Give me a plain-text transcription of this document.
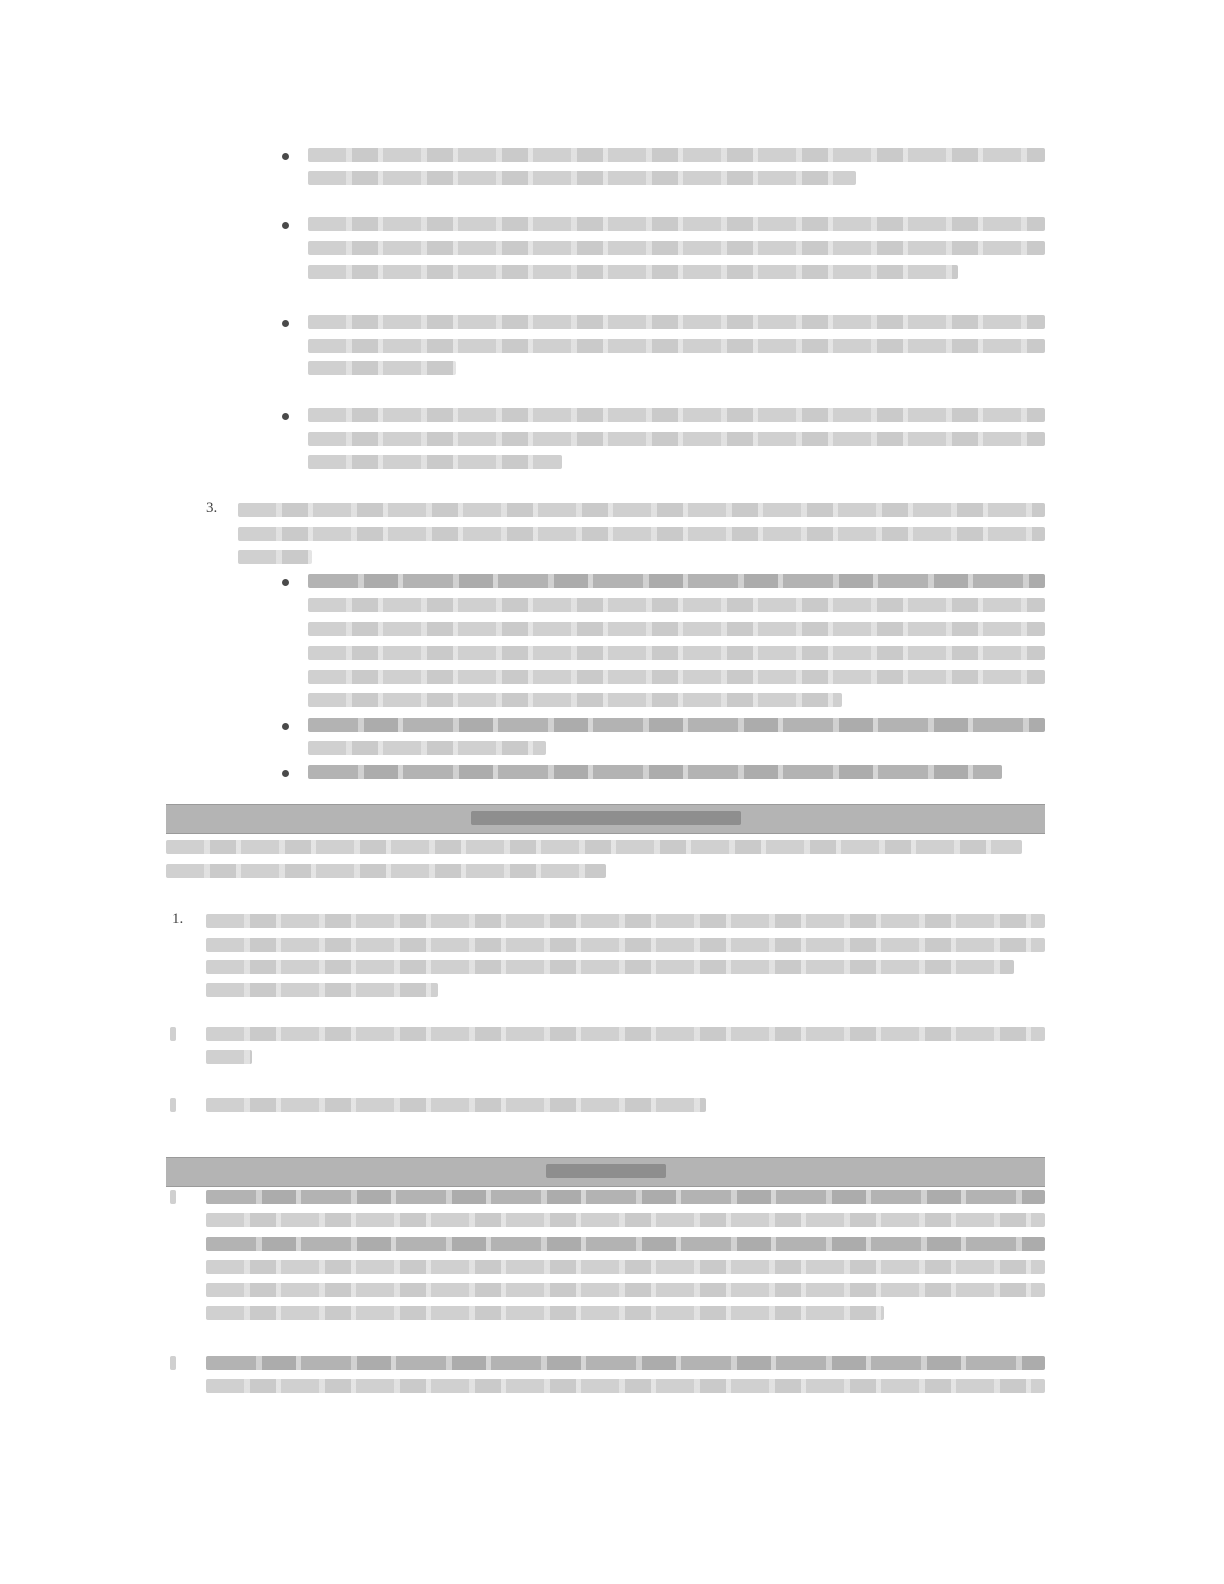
3.
1.
